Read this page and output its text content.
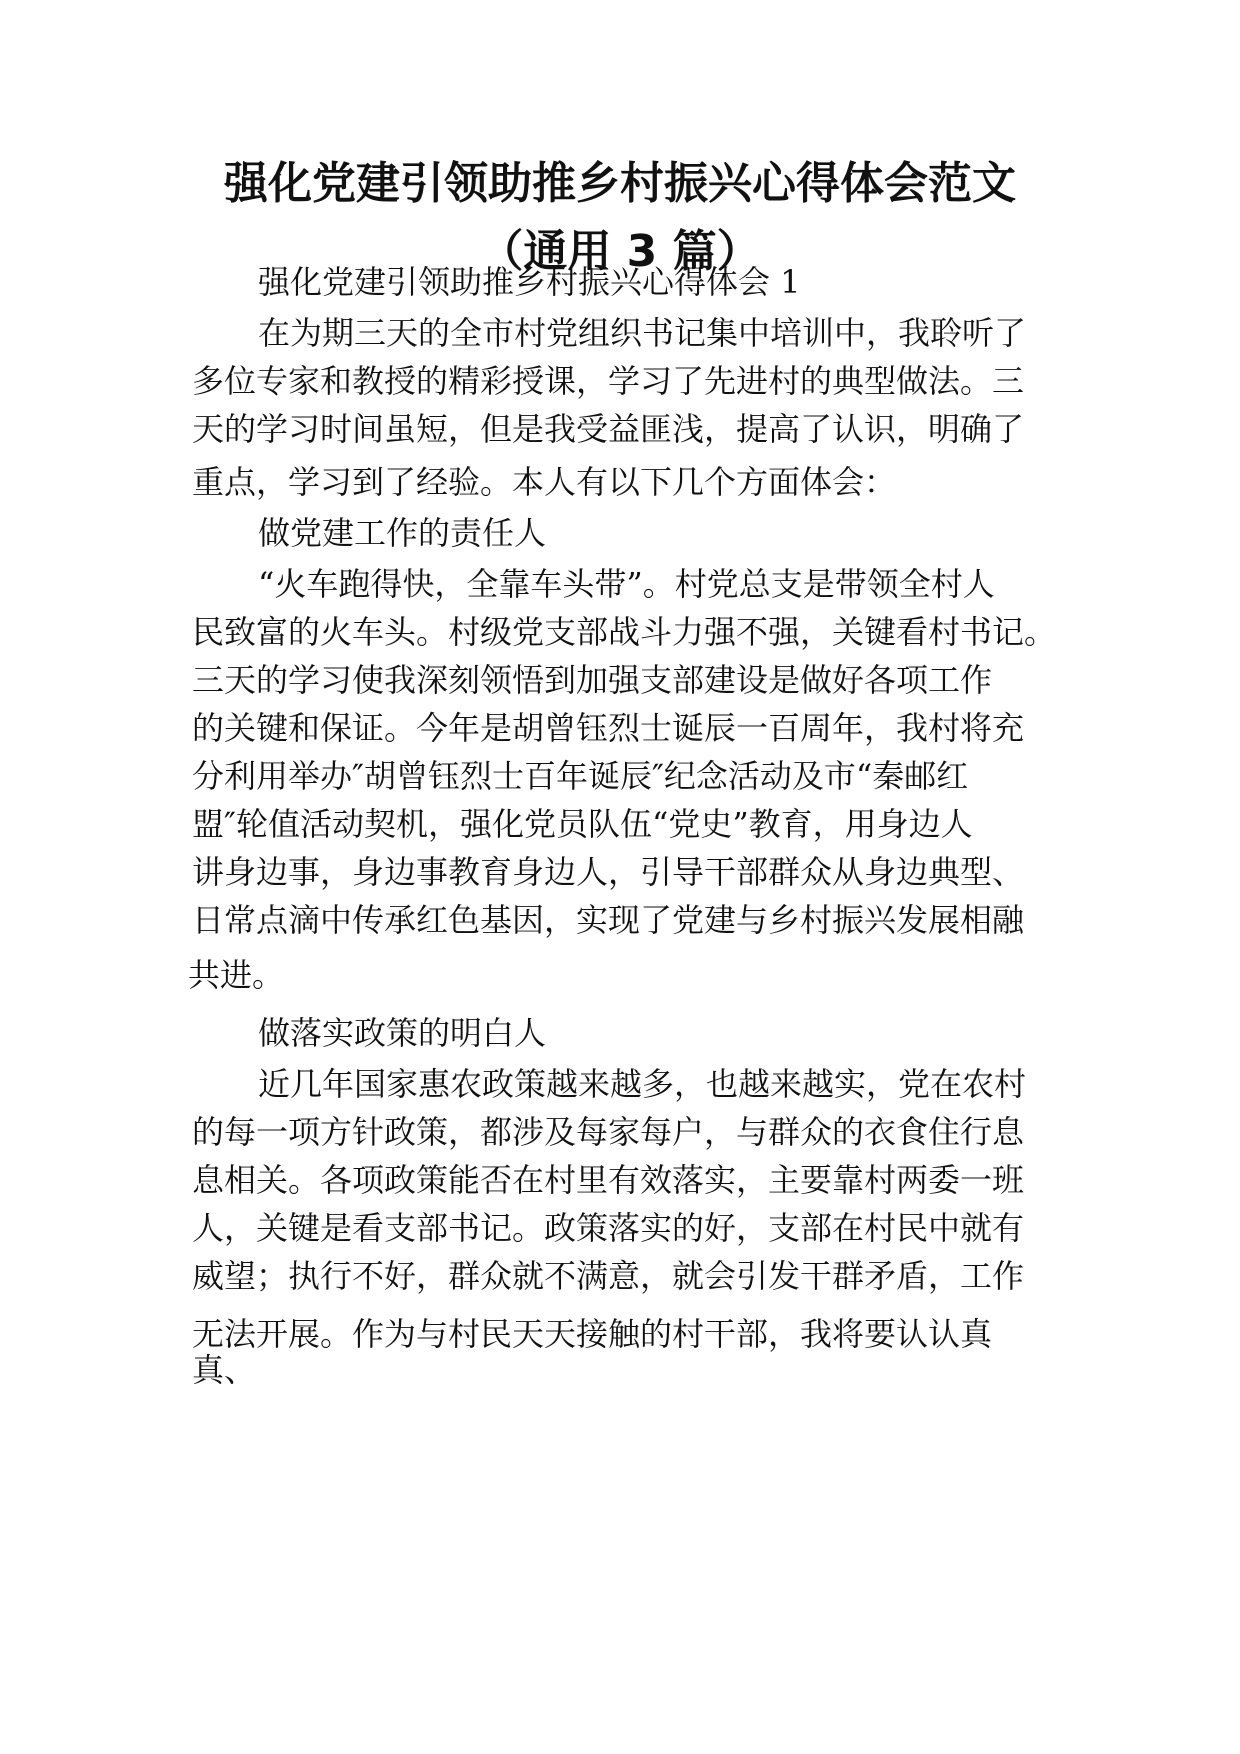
强化党建引领助推乡村振兴心得体会范文
（通用 3 篇）

强化党建引领助推乡村振兴心得体会 1

在为期三天的全市村党组织书记集中培训中，我聆听了

多位专家和教授的精彩授课，学习了先进村的典型做法。三

天的学习时间虽短，但是我受益匪浅，提高了认识，明确了

重点，学习到了经验。本人有以下几个方面体会：

做党建工作的责任人

“火车跑得快，全靠车头带”。村党总支是带领全村人

民致富的火车头。村级党支部战斗力强不强，关键看村书记。

三天的学习使我深刻领悟到加强支部建设是做好各项工作

的关键和保证。今年是胡曾钰烈士诞辰一百周年，我村将充

分利用举办″胡曾钰烈士百年诞辰″纪念活动及市“秦邮红

盟″轮值活动契机，强化党员队伍“党史”教育，用身边人

讲身边事，身边事教育身边人，引导干部群众从身边典型、

日常点滴中传承红色基因，实现了党建与乡村振兴发展相融

共进。

做落实政策的明白人

近几年国家惠农政策越来越多，也越来越实，党在农村

的每一项方针政策，都涉及每家每户，与群众的衣食住行息

息相关。各项政策能否在村里有效落实，主要靠村两委一班

人，关键是看支部书记。政策落实的好，支部在村民中就有

威望；执行不好，群众就不满意，就会引发干群矛盾，工作

无法开展。作为与村民天天接触的村干部，我将要认认真

真、
